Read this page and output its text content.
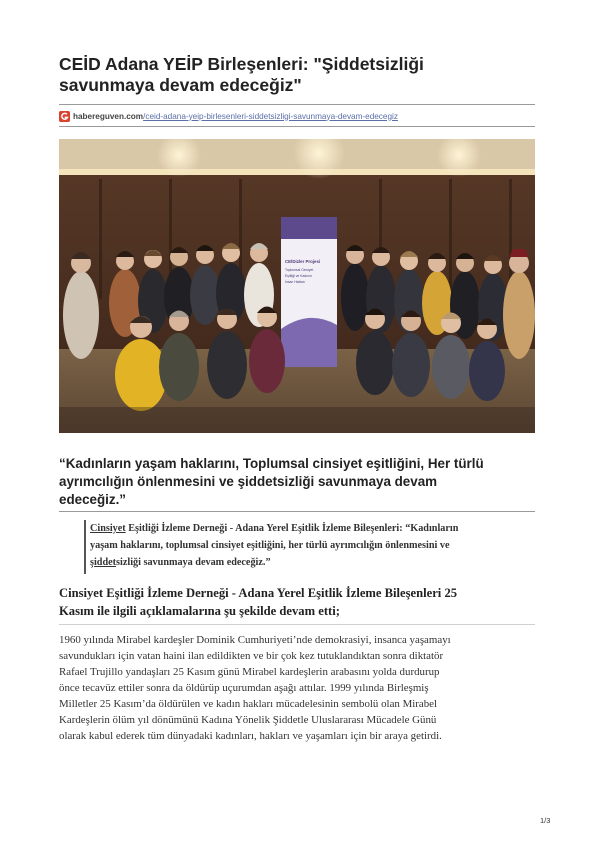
CEİD Adana YEİP Birleşenleri: "Şiddetsizliği
savunmaya devam edeceğiz"
habereguven.com/ceid-adana-yeip-birlesenleri-siddetsizligi-savunmaya-devam-edecegiz
CEİDizler Projesi
Toplumsal Cinsiyet
Eşitliği ve Kadının
İnsan Hakları
“Kadınların yaşam haklarını, Toplumsal cinsiyet eşitliğini, Her türlü
ayrımcılığın önlenmesini ve şiddetsizliği savunmaya devam
edeceğiz.”
Cinsiyet Eşitliği İzleme Derneği - Adana Yerel Eşitlik İzleme Bileşenleri: “Kadınların
yaşam haklarını, toplumsal cinsiyet eşitliğini, her türlü ayrımcılığın önlenmesini ve
şiddetsizliği savunmaya devam edeceğiz.”

Cinsiyet Eşitliği İzleme Derneği - Adana Yerel Eşitlik İzleme Bileşenleri 25
Kasım ile ilgili açıklamalarına şu şekilde devam etti;

1960 yılında Mirabel kardeşler Dominik Cumhuriyeti’nde demokrasiyi, insanca yaşamayı
savundukları için vatan haini ilan edildikten ve bir çok kez tutuklandıktan sonra diktatör
Rafael Trujillo yandaşları 25 Kasım günü Mirabel kardeşlerin arabasını yolda durdurup
önce tecavüz ettiler sonra da öldürüp uçurumdan aşağı attılar. 1999 yılında Birleşmiş
Milletler 25 Kasım’da öldürülen ve kadın hakları mücadelesinin sembolü olan Mirabel
Kardeşlerin ölüm yıl dönümünü Kadına Yönelik Şiddetle Uluslararası Mücadele Günü
olarak kabul ederek tüm dünyadaki kadınları, hakları ve yaşamları için bir araya getirdi.

1/3
